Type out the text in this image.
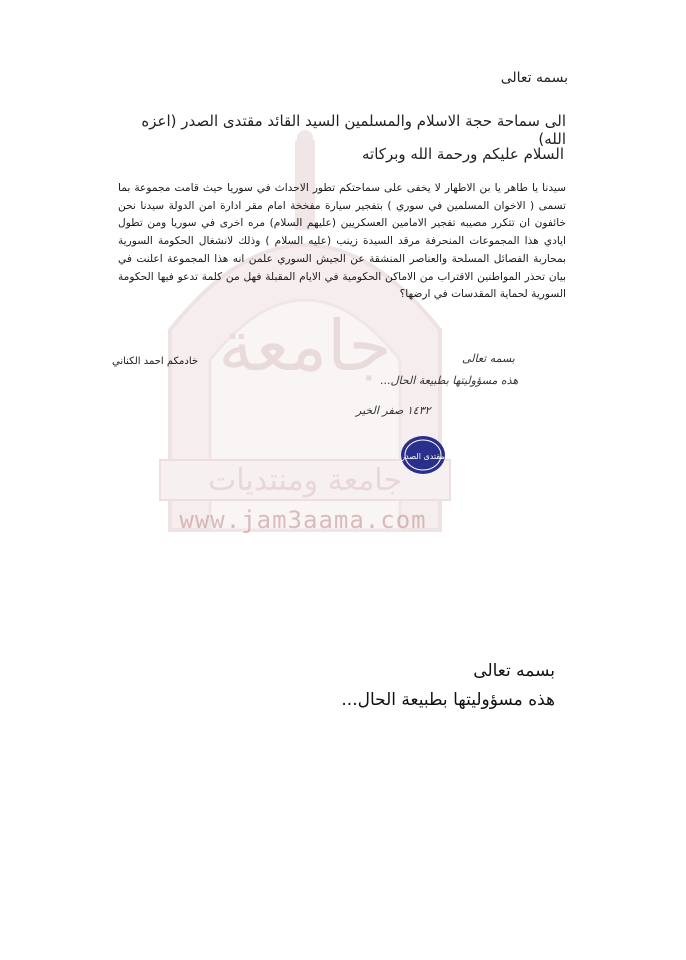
جامعة
جامعة ومنتديات
www.jam3aama.com
بسمه تعالى
الى سماحة حجة الاسلام والمسلمين السيد القائد مقتدى الصدر (اعزه الله)
السلام عليكم ورحمة الله وبركاته
سيدنا يا طاهر يا بن الاطهار لا يخفى على سماحتكم تطور الاحداث في سوريا حيث قامت مجموعة بما تسمى ( الاخوان المسلمين في سوري ) بتفجير سيارة مفخخة امام مقر ادارة امن الدولة سيدنا نحن خائفون ان تتكرر مصيبه تفجير الامامين العسكريين (عليهم السلام) مره اخرى في سوريا ومن تطول ايادي هذا المجموعات المنحرفة مرقد السيدة زينب (عليه السلام ) وذلك لانشغال الحكومة السورية بمحاربة الفصائل المسلحة والعناصر المنشقة عن الجيش السوري علمن انه هذا المجموعة اعلنت في بيان تحذر المواطنين الاقتراب من الاماكن الحكومية في الايام المقبلة فهل من كلمة تدعو فيها الحكومة السورية لحماية المقدسات في ارضها؟
خادمكم احمد الكناني	بسمه تعالى
هذه مسؤوليتها بطبيعة الحال...
١٤٣٢ صفر الخير
مقتدى الصدر
بسمه تعالى
هذه مسؤوليتها بطبيعة الحال...
